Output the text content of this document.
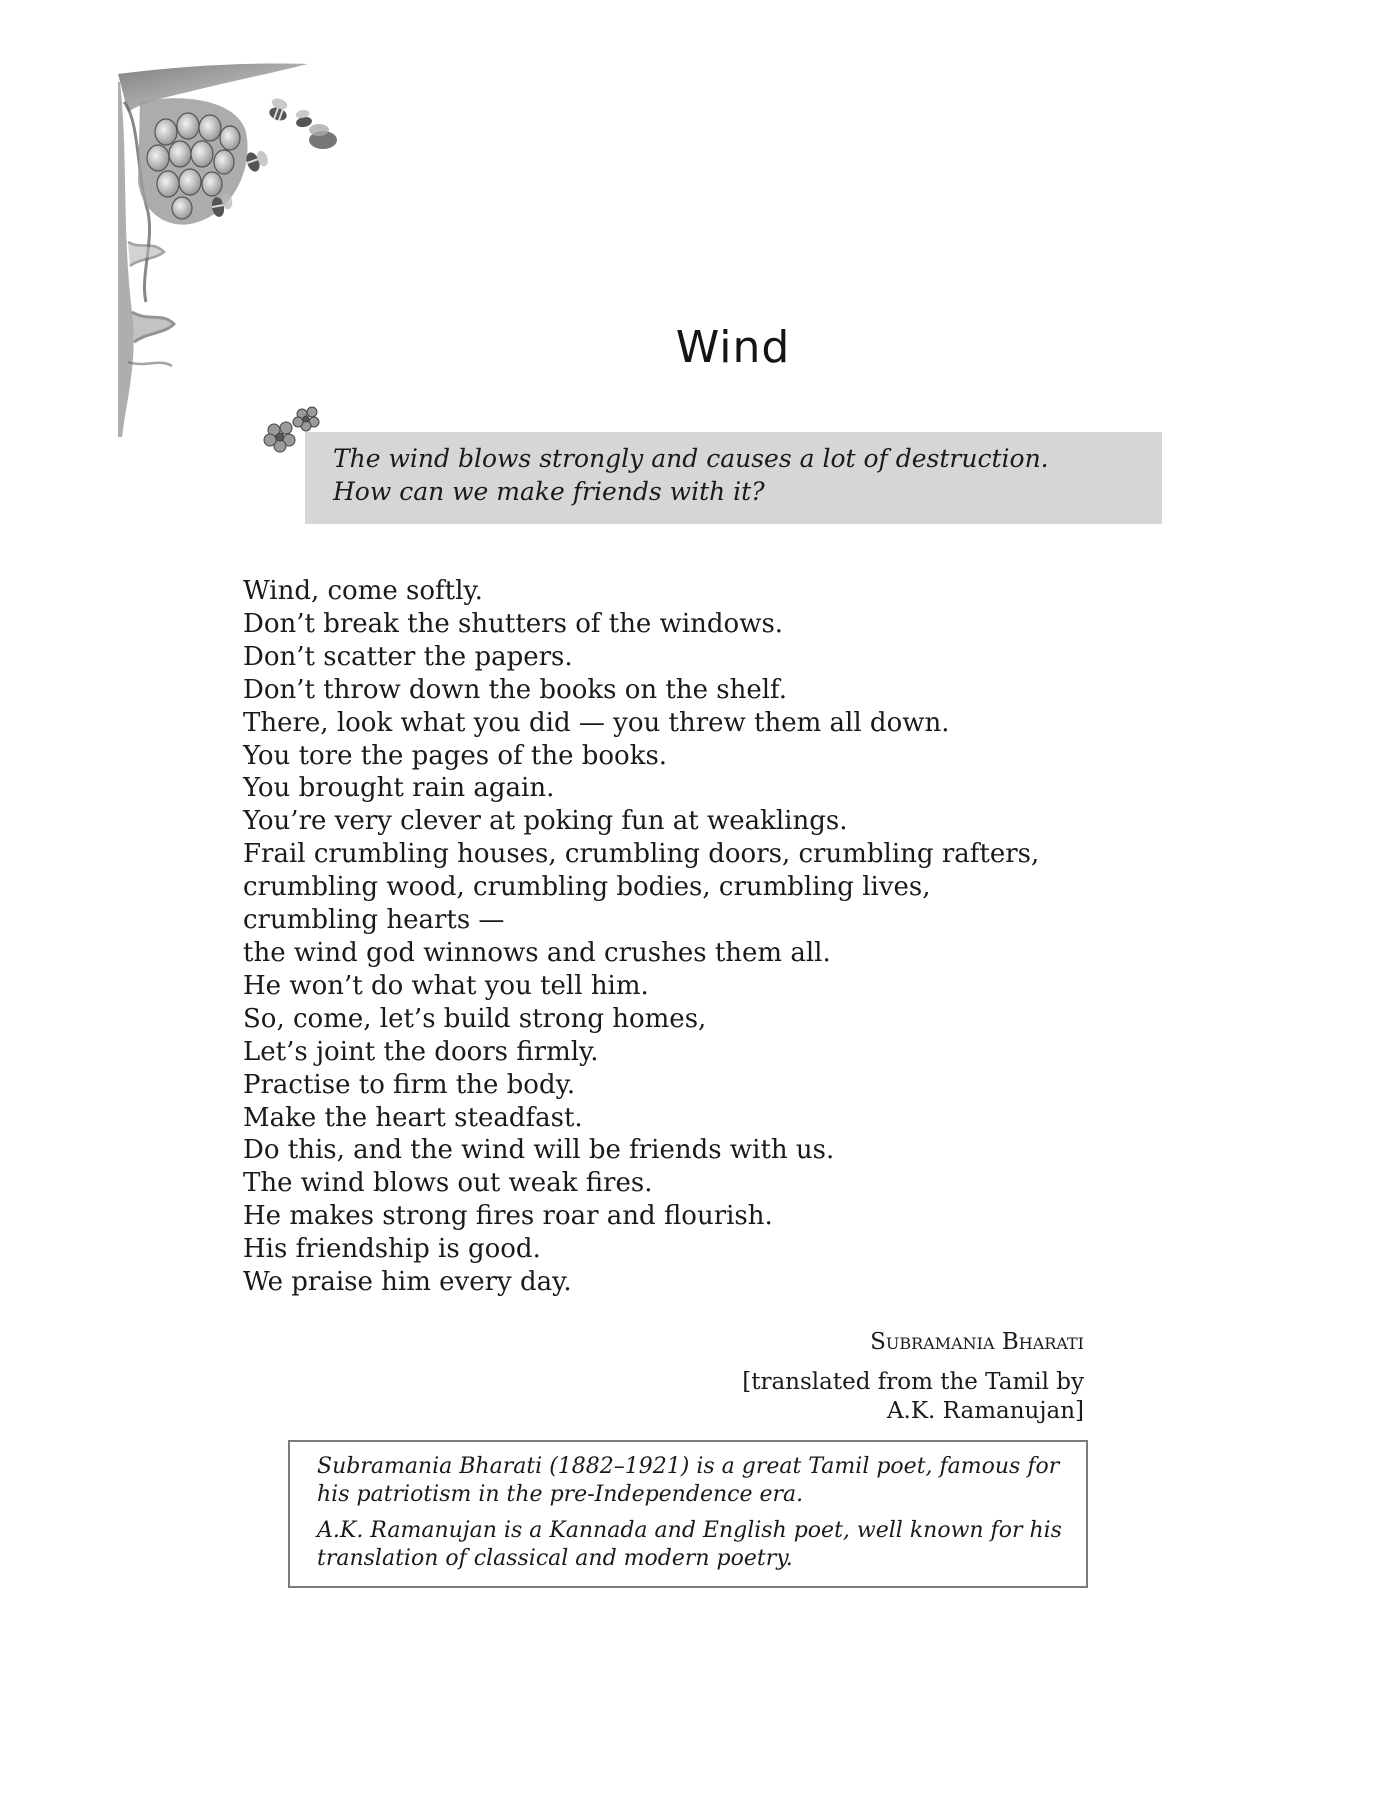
Wind

The wind blows strongly and causes a lot of destruction.

How can we make friends with it?

Wind, come softly.
Don’t break the shutters of the windows.
Don’t scatter the papers.
Don’t throw down the books on the shelf.
There, look what you did — you threw them all down.
You tore the pages of the books.
You brought rain again.
You’re very clever at poking fun at weaklings.
Frail crumbling houses, crumbling doors, crumbling rafters,
crumbling wood, crumbling bodies, crumbling lives,
crumbling hearts —
the wind god winnows and crushes them all.
He won’t do what you tell him.
So, come, let’s build strong homes,
Let’s joint the doors firmly.
Practise to firm the body.
Make the heart steadfast.
Do this, and the wind will be friends with us.
The wind blows out weak fires.
He makes strong fires roar and flourish.
His friendship is good.
We praise him every day.
Subramania Bharati
[translated from the Tamil by
A.K. Ramanujan]

Subramania Bharati (1882–1921) is a great Tamil poet, famous for his patriotism in the pre-Independence era.

A.K. Ramanujan is a Kannada and English poet, well known for his translation of classical and modern poetry.
